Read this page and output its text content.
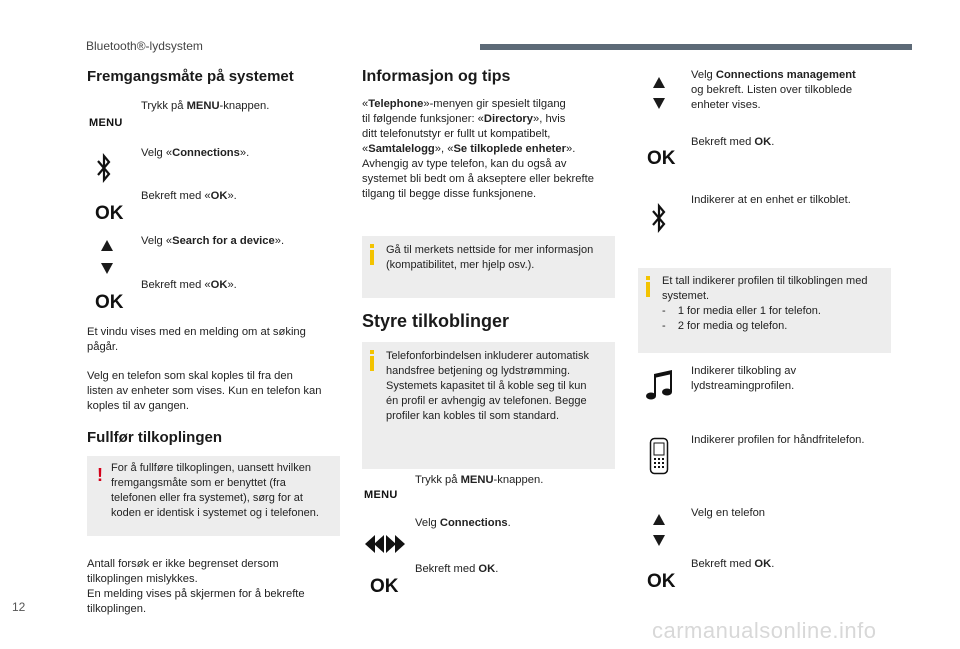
Bluetooth®-lydsystem
Fremgangsmåte på systemet
MENU
Trykk på MENU-knappen.
Velg «Connections».
OK
Bekreft med «OK».
Velg «Search for a device».
OK
Bekreft med «OK».
Et vindu vises med en melding om at søking
pågår.
Velg en telefon som skal koples til fra den
listen av enheter som vises. Kun en telefon kan
koples til av gangen.
Fullfør tilkoplingen
! For å fullføre tilkoplingen, uansett hvilken
fremgangsmåte som er benyttet (fra
telefonen eller fra systemet), sørg for at
koden er identisk i systemet og i telefonen.
Antall forsøk er ikke begrenset dersom
tilkoplingen mislykkes.
En melding vises på skjermen for å bekrefte
tilkoplingen.
Informasjon og tips
«Telephone»-menyen gir spesielt tilgang
til følgende funksjoner: «Directory», hvis
ditt telefonutstyr er fullt ut kompatibelt,
«Samtalelogg», «Se tilkoplede enheter».
Avhengig av type telefon, kan du også av
systemet bli bedt om å akseptere eller bekrefte
tilgang til begge disse funksjonene.
Gå til merkets nettside for mer informasjon
(kompatibilitet, mer hjelp osv.).
Styre tilkoblinger
Telefonforbindelsen inkluderer automatisk
handsfree betjening og lydstrømming.
Systemets kapasitet til å koble seg til kun
én profil er avhengig av telefonen. Begge
profiler kan kobles til som standard.
MENU
Trykk på MENU-knappen.
Velg Connections.
OK
Bekreft med OK.
Velg Connections management
og bekreft. Listen over tilkoblede
enheter vises.
OK
Bekreft med OK.
Indikerer at en enhet er tilkoblet.
Et tall indikerer profilen til tilkoblingen med
systemet.
-    1 for media eller 1 for telefon.
-    2 for media og telefon.
Indikerer tilkobling av
lydstreamingprofilen.
Indikerer profilen for håndfritelefon.
Velg en telefon
OK
Bekreft med OK.
12
carmanualsonline.info
